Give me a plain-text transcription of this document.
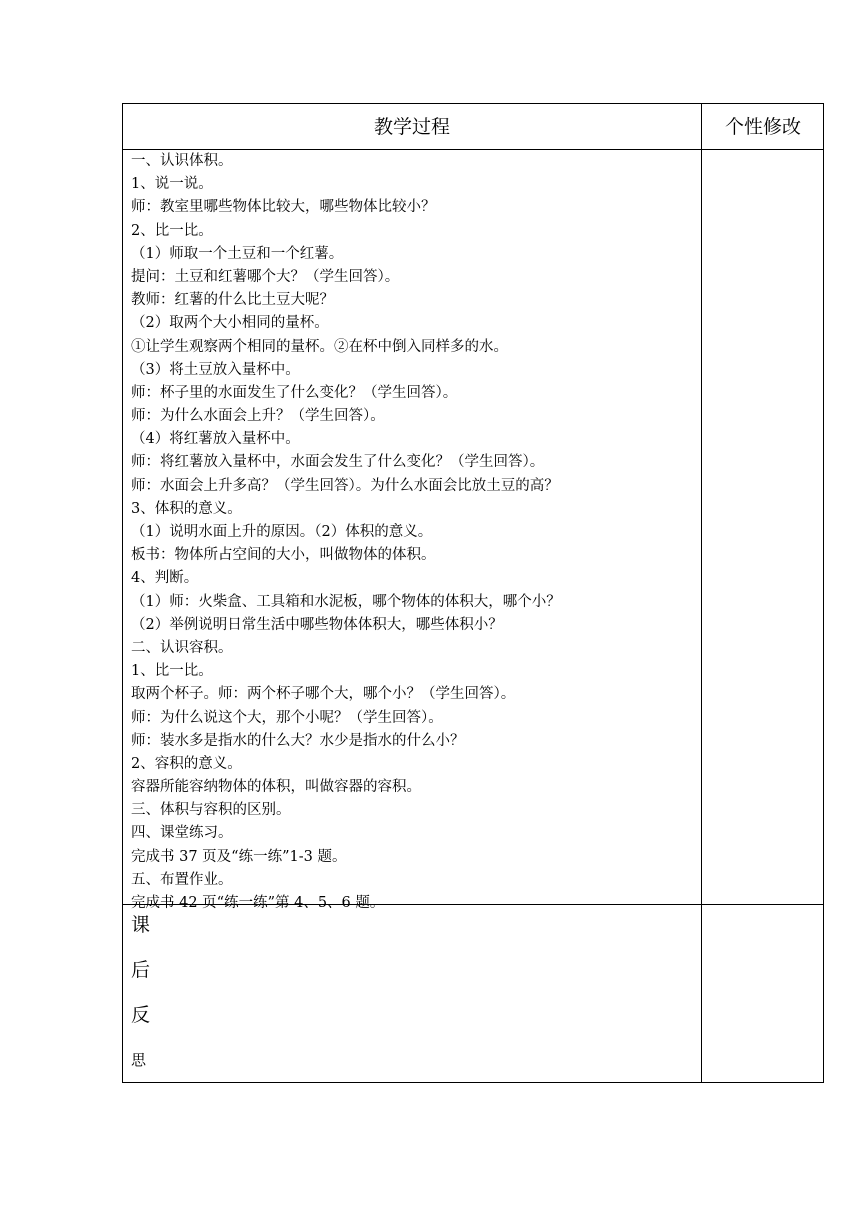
教学过程	个性修改
一、认识体积。
1、说一说。
师：教室里哪些物体比较大，哪些物体比较小？
2、比一比。
（1）师取一个土豆和一个红薯。
提问：土豆和红薯哪个大？（学生回答）。
教师：红薯的什么比土豆大呢？
（2）取两个大小相同的量杯。
①让学生观察两个相同的量杯。②在杯中倒入同样多的水。
（3）将土豆放入量杯中。
师：杯子里的水面发生了什么变化？（学生回答）。
师：为什么水面会上升？（学生回答）。
（4）将红薯放入量杯中。
师：将红薯放入量杯中，水面会发生了什么变化？（学生回答）。
师：水面会上升多高？（学生回答）。为什么水面会比放土豆的高？
3、体积的意义。
（1）说明水面上升的原因。（2）体积的意义。
板书：物体所占空间的大小，叫做物体的体积。
4、判断。
（1）师：火柴盒、工具箱和水泥板，哪个物体的体积大，哪个小？
（2）举例说明日常生活中哪些物体体积大，哪些体积小？
二、认识容积。
1、比一比。
取两个杯子。师：两个杯子哪个大，哪个小？（学生回答）。
师：为什么说这个大，那个小呢？（学生回答）。
师：装水多是指水的什么大？水少是指水的什么小？
2、容积的意义。
容器所能容纳物体的体积，叫做容器的容积。
三、体积与容积的区别。
四、课堂练习。
完成书 37 页及“练一练”1-3 题。
五、布置作业。
完成书 42 页“练一练”第 4、5、6 题。
课
后
反
思
